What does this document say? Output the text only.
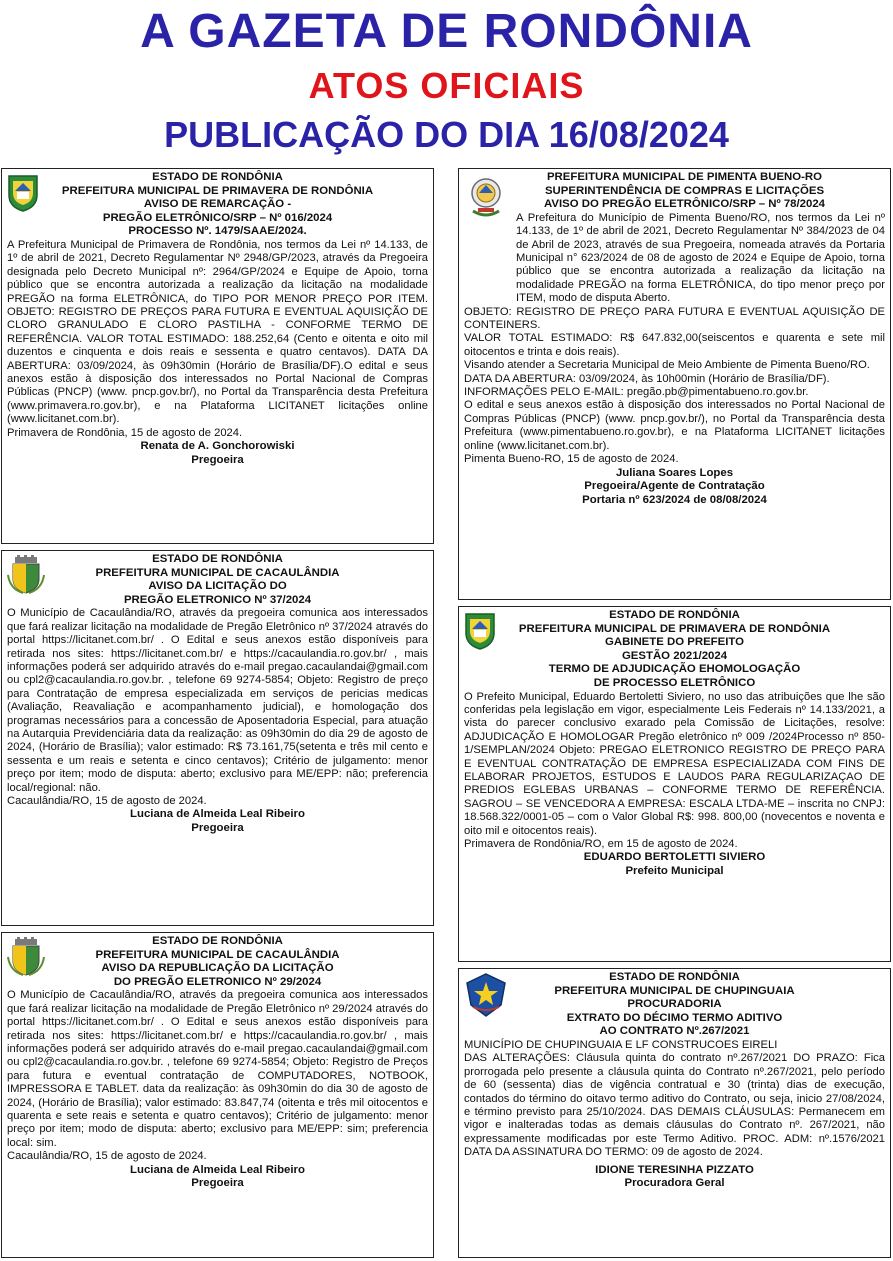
A GAZETA DE RONDÔNIA
ATOS OFICIAIS
PUBLICAÇÃO DO DIA 16/08/2024
ESTADO DE RONDÔNIA
PREFEITURA MUNICIPAL DE PRIMAVERA DE RONDÔNIA
AVISO DE REMARCAÇÃO -
PREGÃO ELETRÔNICO/SRP – Nº 016/2024
PROCESSO Nº. 1479/SAAE/2024.

A Prefeitura Municipal de Primavera de Rondônia, nos termos da Lei nº 14.133, de 1º de abril de 2021, Decreto Regulamentar Nº 2948/GP/2023, através da Pregoeira designada pelo Decreto Municipal nº: 2964/GP/2024 e Equipe de Apoio, torna público que se encontra autorizada a realização da licitação na modalidade PREGÃO na forma ELETRÔNICA, do TIPO POR MENOR PREÇO POR ITEM. OBJETO: REGISTRO DE PREÇOS PARA FUTURA E EVENTUAL AQUISIÇÃO DE CLORO GRANULADO E CLORO PASTILHA - CONFORME TERMO DE REFERÊNCIA. VALOR TOTAL ESTIMADO: 188.252,64 (Cento e oitenta e oito mil duzentos e cinquenta e dois reais e sessenta e quatro centavos). DATA DA ABERTURA: 03/09/2024, às 09h30min (Horário de Brasília/DF).O edital e seus anexos estão à disposição dos interessados no Portal Nacional de Compras Públicas (PNCP) (www. pncp.gov.br/), no Portal da Transparência desta Prefeitura (www.primavera.ro.gov.br), e na Plataforma LICITANET licitações online (www.licitanet.com.br).

Primavera de Rondônia, 15 de agosto de 2024.

Renata de A. Gonchorowiski
Pregoeira
PREFEITURA MUNICIPAL DE PIMENTA BUENO-RO
SUPERINTENDÊNCIA DE COMPRAS E LICITAÇÕES
AVISO DO PREGÃO ELETRÔNICO/SRP – Nº 78/2024

A Prefeitura do Município de Pimenta Bueno/RO, nos termos da Lei nº 14.133, de 1º de abril de 2021, Decreto Regulamentar Nº 384/2023 de 04 de Abril de 2023, através de sua Pregoeira, nomeada através da Portaria Municipal n° 623/2024 de 08 de agosto de 2024 e Equipe de Apoio, torna público que se encontra autorizada a realização da licitação na modalidade PREGÃO na forma ELETRÔNICA, do tipo menor preço por ITEM, modo de disputa Aberto.

OBJETO: REGISTRO DE PREÇO PARA FUTURA E EVENTUAL AQUISIÇÃO DE CONTEINERS.

VALOR TOTAL ESTIMADO: R$ 647.832,00(seiscentos e quarenta e sete mil oitocentos e trinta e dois reais).

Visando atender a Secretaria Municipal de Meio Ambiente de Pimenta Bueno/RO.

DATA DA ABERTURA: 03/09/2024, às 10h00min (Horário de Brasília/DF).

INFORMAÇÕES PELO E-MAIL: pregão.pb@pimentabueno.ro.gov.br.

O edital e seus anexos estão à disposição dos interessados no Portal Nacional de Compras Públicas (PNCP) (www. pncp.gov.br/), no Portal da Transparência desta Prefeitura (www.pimentabueno.ro.gov.br), e na Plataforma LICITANET licitações online (www.licitanet.com.br).

Pimenta Bueno-RO, 15 de agosto de 2024.

Juliana Soares Lopes
Pregoeira/Agente de Contratação
Portaria nº 623/2024 de 08/08/2024
ESTADO DE RONDÔNIA
PREFEITURA MUNICIPAL DE CACAULÂNDIA
AVISO DA LICITAÇÃO DO
PREGÃO ELETRONICO Nº 37/2024

O Município de Cacaulândia/RO, através da pregoeira comunica aos interessados que fará realizar licitação na modalidade de Pregão Eletrônico nº 37/2024 através do portal https://licitanet.com.br/ . O Edital e seus anexos estão disponíveis para retirada nos sites: https://licitanet.com.br/ e https://cacaulandia.ro.gov.br/ , mais informações poderá ser adquirido através do e-mail pregao.cacaulandai@gmail.com ou cpl2@cacaulandia.ro.gov.br. , telefone 69 9274-5854; Objeto: Registro de preço para Contratação de empresa especializada em serviços de pericias medicas (Avaliação, Reavaliação e acompanhamento judicial), e homologação dos programas necessários para a concessão de Aposentadoria Especial, para atuação na Autarquia Previdenciária data da realização: as 09h30min do dia 29 de agosto de 2024, (Horário de Brasília); valor estimado: R$ 73.161,75(setenta e três mil cento e sessenta e um reais e setenta e cinco centavos); Critério de julgamento: menor preço por item; modo de disputa: aberto; exclusivo para ME/EPP: não; preferencia local/regional: não.

Cacaulândia/RO, 15 de agosto de 2024.

Luciana de Almeida Leal Ribeiro
Pregoeira
ESTADO DE RONDÔNIA
PREFEITURA MUNICIPAL DE PRIMAVERA DE RONDÔNIA
GABINETE DO PREFEITO
GESTÃO 2021/2024
TERMO DE ADJUDICAÇÃO EHOMOLOGAÇÃO
DE PROCESSO ELETRÔNICO

O Prefeito Municipal, Eduardo Bertoletti Siviero, no uso das atribuições que lhe são conferidas pela legislação em vigor, especialmente Leis Federais nº 14.133/2021, a vista do parecer conclusivo exarado pela Comissão de Licitações, resolve: ADJUDICAÇÃO E HOMOLOGAR Pregão eletrônico nº 009 /2024Processo nº 850-1/SEMPLAN/2024 Objeto: PREGAO ELETRONICO REGISTRO DE PREÇO PARA E EVENTUAL CONTRATAÇÃO DE EMPRESA ESPECIALIZADA COM FINS DE ELABORAR PROJETOS, ESTUDOS E LAUDOS PARA REGULARIZAÇAO DE PREDIOS EGLEBAS URBANAS – CONFORME TERMO DE REFERÊNCIA. SAGROU – SE VENCEDORA A EMPRESA: ESCALA LTDA-ME – inscrita no CNPJ: 18.568.322/0001-05 – com o Valor Global R$: 998. 800,00 (novecentos e noventa e oito mil e oitocentos reais).

Primavera de Rondônia/RO, em 15 de agosto de 2024.

EDUARDO BERTOLETTI SIVIERO
Prefeito Municipal
ESTADO DE RONDÔNIA
PREFEITURA MUNICIPAL DE CACAULÂNDIA
AVISO DA REPUBLICAÇÃO DA LICITAÇÃO
DO PREGÃO ELETRONICO Nº 29/2024

O Município de Cacaulândia/RO, através da pregoeira comunica aos interessados que fará realizar licitação na modalidade de Pregão Eletrônico nº 29/2024 através do portal https://licitanet.com.br/ . O Edital e seus anexos estão disponíveis para retirada nos sites: https://licitanet.com.br/ e https://cacaulandia.ro.gov.br/ , mais informações poderá ser adquirido através do e-mail pregao.cacaulandai@gmail.com ou cpl2@cacaulandia.ro.gov.br. , telefone 69 9274-5854; Objeto: Registro de Preços para futura e eventual contratação de COMPUTADORES, NOTBOOK, IMPRESSORA E TABLET. data da realização: às 09h30min do dia 30 de agosto de 2024, (Horário de Brasília); valor estimado: 83.847,74 (oitenta e três mil oitocentos e quarenta e sete reais e setenta e quatro centavos); Critério de julgamento: menor preço por item; modo de disputa: aberto; exclusivo para ME/EPP: sim; preferencia local: sim.

Cacaulândia/RO, 15 de agosto de 2024.

Luciana de Almeida Leal Ribeiro
Pregoeira
ESTADO DE RONDÔNIA
PREFEITURA MUNICIPAL DE CHUPINGUAIA
PROCURADORIA
EXTRATO DO DÉCIMO TERMO ADITIVO
AO CONTRATO Nº.267/2021

MUNICÍPIO DE CHUPINGUAIA E LF CONSTRUCOES EIRELI

DAS ALTERAÇÕES: Cláusula quinta do contrato nº.267/2021 DO PRAZO: Fica prorrogada pelo presente a cláusula quinta do Contrato nº.267/2021, pelo período de 60 (sessenta) dias de vigência contratual e 30 (trinta) dias de execução, contados do término do oitavo termo aditivo do Contrato, ou seja, inicio 27/08/2024, e término previsto para 25/10/2024. DAS DEMAIS CLÁUSULAS: Permanecem em vigor e inalteradas todas as demais cláusulas do Contrato nº. 267/2021, não expressamente modificadas por este Termo Aditivo. PROC. ADM: nº.1576/2021 DATA DA ASSINATURA DO TERMO: 09 de agosto de 2024.

IDIONE TERESINHA PIZZATO
Procuradora Geral
